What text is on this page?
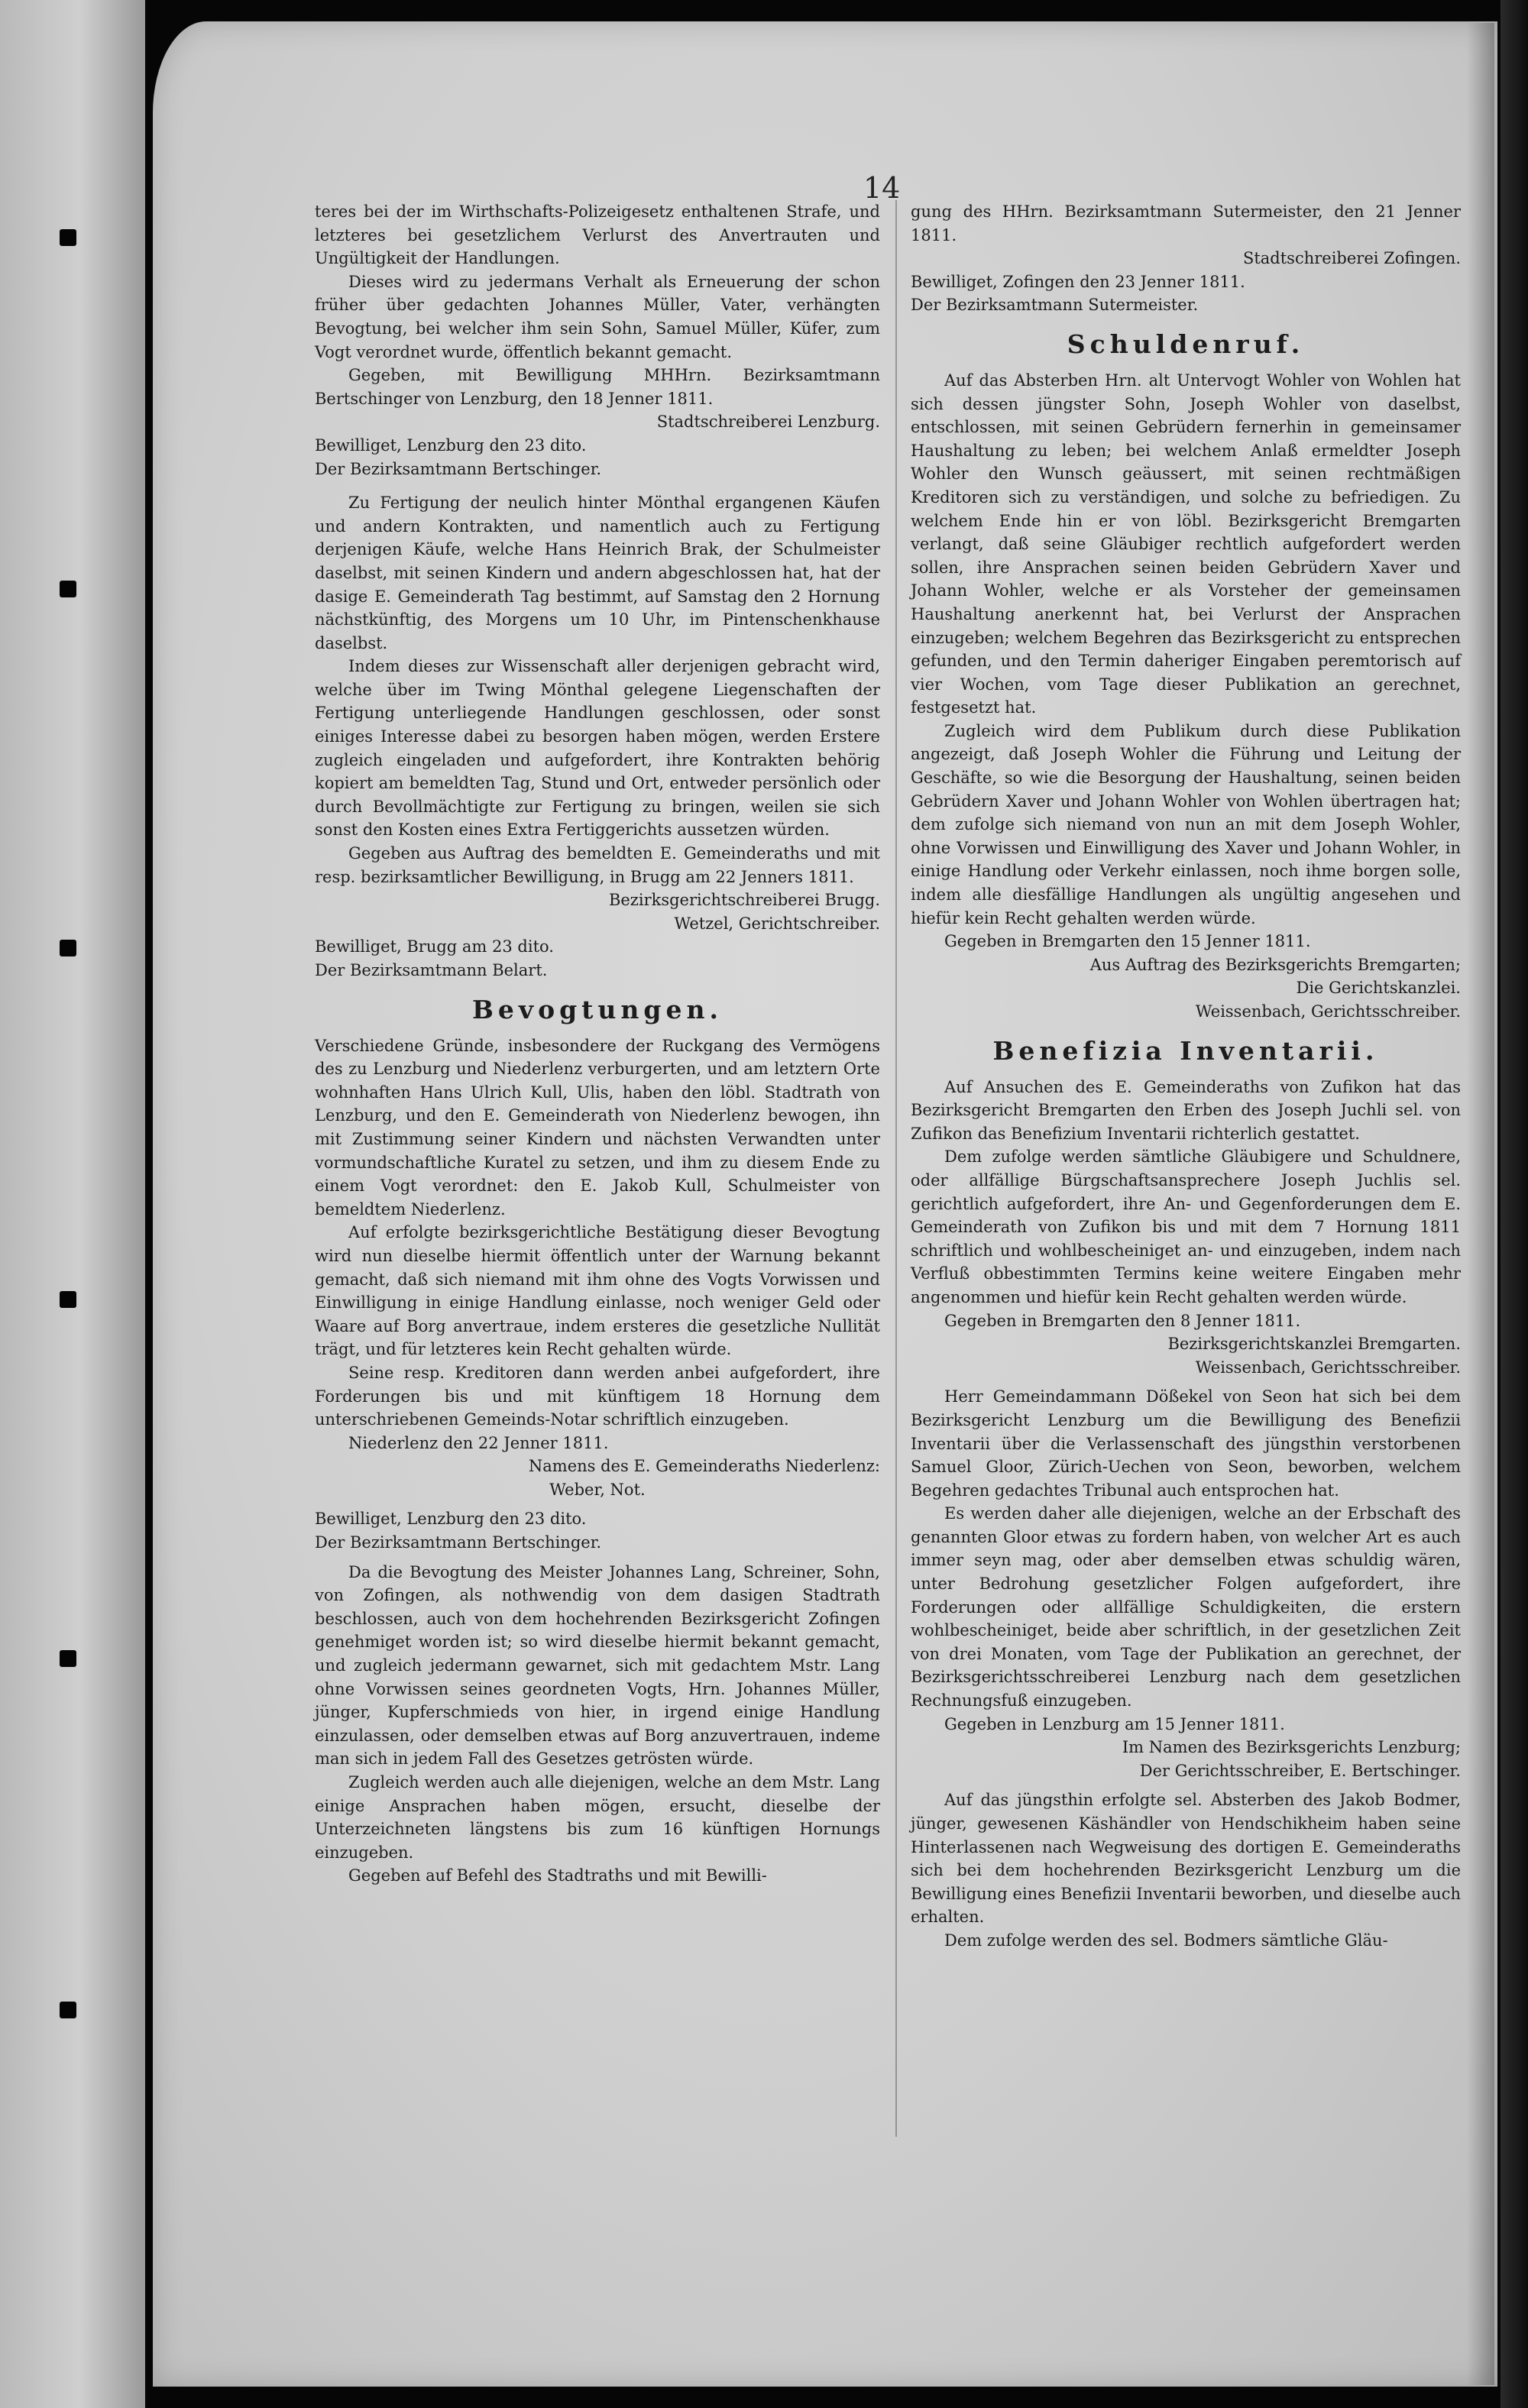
14

teres bei der im Wirthschafts-Polizeigesetz enthaltenen Strafe, und letzteres bei gesetzlichem Verlurst des Anvertrauten und Ungültigkeit der Handlungen.

Dieses wird zu jedermans Verhalt als Erneuerung der schon früher über gedachten Johannes Müller, Vater, verhängten Bevogtung, bei welcher ihm sein Sohn, Samuel Müller, Küfer, zum Vogt verordnet wurde, öffentlich bekannt gemacht.

Gegeben, mit Bewilligung MHHrn. Bezirksamtmann Bertschinger von Lenzburg, den 18 Jenner 1811.

Stadtschreiberei Lenzburg.

Bewilliget, Lenzburg den 23 dito.

Der Bezirksamtmann Bertschinger.

Zu Fertigung der neulich hinter Mönthal ergangenen Käufen und andern Kontrakten, und namentlich auch zu Fertigung derjenigen Käufe, welche Hans Heinrich Brak, der Schulmeister daselbst, mit seinen Kindern und andern abgeschlossen hat, hat der dasige E. Gemeinderath Tag bestimmt, auf Samstag den 2 Hornung nächstkünftig, des Morgens um 10 Uhr, im Pintenschenkhause daselbst.

Indem dieses zur Wissenschaft aller derjenigen gebracht wird, welche über im Twing Mönthal gelegene Liegenschaften der Fertigung unterliegende Handlungen geschlossen, oder sonst einiges Interesse dabei zu besorgen haben mögen, werden Erstere zugleich eingeladen und aufgefordert, ihre Kontrakten behörig kopiert am bemeldten Tag, Stund und Ort, entweder persönlich oder durch Bevollmächtigte zur Fertigung zu bringen, weilen sie sich sonst den Kosten eines Extra Fertiggerichts aussetzen würden.

Gegeben aus Auftrag des bemeldten E. Gemeinderaths und mit resp. bezirksamtlicher Bewilligung, in Brugg am 22 Jenners 1811.

Bezirksgerichtschreiberei Brugg.

Wetzel, Gerichtschreiber.

Bewilliget, Brugg am 23 dito.

Der Bezirksamtmann Belart.

Bevogtungen.

Verschiedene Gründe, insbesondere der Ruckgang des Vermögens des zu Lenzburg und Niederlenz verburgerten, und am letztern Orte wohnhaften Hans Ulrich Kull, Ulis, haben den löbl. Stadtrath von Lenzburg, und den E. Gemeinderath von Niederlenz bewogen, ihn mit Zustimmung seiner Kindern und nächsten Verwandten unter vormundschaftliche Kuratel zu setzen, und ihm zu diesem Ende zu einem Vogt verordnet: den E. Jakob Kull, Schulmeister von bemeldtem Niederlenz.

Auf erfolgte bezirksgerichtliche Bestätigung dieser Bevogtung wird nun dieselbe hiermit öffentlich unter der Warnung bekannt gemacht, daß sich niemand mit ihm ohne des Vogts Vorwissen und Einwilligung in einige Handlung einlasse, noch weniger Geld oder Waare auf Borg anvertraue, indem ersteres die gesetzliche Nullität trägt, und für letzteres kein Recht gehalten würde.

Seine resp. Kreditoren dann werden anbei aufgefordert, ihre Forderungen bis und mit künftigem 18 Hornung dem unterschriebenen Gemeinds-Notar schriftlich einzugeben.

Niederlenz den 22 Jenner 1811.

Namens des E. Gemeinderaths Niederlenz:

Weber, Not.

Bewilliget, Lenzburg den 23 dito.

Der Bezirksamtmann Bertschinger.

Da die Bevogtung des Meister Johannes Lang, Schreiner, Sohn, von Zofingen, als nothwendig von dem dasigen Stadtrath beschlossen, auch von dem hochehrenden Bezirksgericht Zofingen genehmiget worden ist; so wird dieselbe hiermit bekannt gemacht, und zugleich jedermann gewarnet, sich mit gedachtem Mstr. Lang ohne Vorwissen seines geordneten Vogts, Hrn. Johannes Müller, jünger, Kupferschmieds von hier, in irgend einige Handlung einzulassen, oder demselben etwas auf Borg anzuvertrauen, indeme man sich in jedem Fall des Gesetzes getrösten würde.

Zugleich werden auch alle diejenigen, welche an dem Mstr. Lang einige Ansprachen haben mögen, ersucht, dieselbe der Unterzeichneten längstens bis zum 16 künftigen Hornungs einzugeben.

Gegeben auf Befehl des Stadtraths und mit Bewilli-

gung des HHrn. Bezirksamtmann Sutermeister, den 21 Jenner 1811.

Stadtschreiberei Zofingen.

Bewilliget, Zofingen den 23 Jenner 1811.

Der Bezirksamtmann Sutermeister.

Schuldenruf.

Auf das Absterben Hrn. alt Untervogt Wohler von Wohlen hat sich dessen jüngster Sohn, Joseph Wohler von daselbst, entschlossen, mit seinen Gebrüdern fernerhin in gemeinsamer Haushaltung zu leben; bei welchem Anlaß ermeldter Joseph Wohler den Wunsch geäussert, mit seinen rechtmäßigen Kreditoren sich zu verständigen, und solche zu befriedigen. Zu welchem Ende hin er von löbl. Bezirksgericht Bremgarten verlangt, daß seine Gläubiger rechtlich aufgefordert werden sollen, ihre Ansprachen seinen beiden Gebrüdern Xaver und Johann Wohler, welche er als Vorsteher der gemeinsamen Haushaltung anerkennt hat, bei Verlurst der Ansprachen einzugeben; welchem Begehren das Bezirksgericht zu entsprechen gefunden, und den Termin daheriger Eingaben peremtorisch auf vier Wochen, vom Tage dieser Publikation an gerechnet, festgesetzt hat.

Zugleich wird dem Publikum durch diese Publikation angezeigt, daß Joseph Wohler die Führung und Leitung der Geschäfte, so wie die Besorgung der Haushaltung, seinen beiden Gebrüdern Xaver und Johann Wohler von Wohlen übertragen hat; dem zufolge sich niemand von nun an mit dem Joseph Wohler, ohne Vorwissen und Einwilligung des Xaver und Johann Wohler, in einige Handlung oder Verkehr einlassen, noch ihme borgen solle, indem alle diesfällige Handlungen als ungültig angesehen und hiefür kein Recht gehalten werden würde.

Gegeben in Bremgarten den 15 Jenner 1811.

Aus Auftrag des Bezirksgerichts Bremgarten;

Die Gerichtskanzlei.

Weissenbach, Gerichtsschreiber.

Benefizia Inventarii.

Auf Ansuchen des E. Gemeinderaths von Zufikon hat das Bezirksgericht Bremgarten den Erben des Joseph Juchli sel. von Zufikon das Benefizium Inventarii richterlich gestattet.

Dem zufolge werden sämtliche Gläubigere und Schuldnere, oder allfällige Bürgschaftsansprechere Joseph Juchlis sel. gerichtlich aufgefordert, ihre An- und Gegenforderungen dem E. Gemeinderath von Zufikon bis und mit dem 7 Hornung 1811 schriftlich und wohlbescheiniget an- und einzugeben, indem nach Verfluß obbestimmten Termins keine weitere Eingaben mehr angenommen und hiefür kein Recht gehalten werden würde.

Gegeben in Bremgarten den 8 Jenner 1811.

Bezirksgerichtskanzlei Bremgarten.

Weissenbach, Gerichtsschreiber.

Herr Gemeindammann Dößekel von Seon hat sich bei dem Bezirksgericht Lenzburg um die Bewilligung des Benefizii Inventarii über die Verlassenschaft des jüngsthin verstorbenen Samuel Gloor, Zürich-Uechen von Seon, beworben, welchem Begehren gedachtes Tribunal auch entsprochen hat.

Es werden daher alle diejenigen, welche an der Erbschaft des genannten Gloor etwas zu fordern haben, von welcher Art es auch immer seyn mag, oder aber demselben etwas schuldig wären, unter Bedrohung gesetzlicher Folgen aufgefordert, ihre Forderungen oder allfällige Schuldigkeiten, die erstern wohlbescheiniget, beide aber schriftlich, in der gesetzlichen Zeit von drei Monaten, vom Tage der Publikation an gerechnet, der Bezirksgerichtsschreiberei Lenzburg nach dem gesetzlichen Rechnungsfuß einzugeben.

Gegeben in Lenzburg am 15 Jenner 1811.

Im Namen des Bezirksgerichts Lenzburg;

Der Gerichtsschreiber, E. Bertschinger.

Auf das jüngsthin erfolgte sel. Absterben des Jakob Bodmer, jünger, gewesenen Käshändler von Hendschikheim haben seine Hinterlassenen nach Wegweisung des dortigen E. Gemeinderaths sich bei dem hochehrenden Bezirksgericht Lenzburg um die Bewilligung eines Benefizii Inventarii beworben, und dieselbe auch erhalten.

Dem zufolge werden des sel. Bodmers sämtliche Gläu-
